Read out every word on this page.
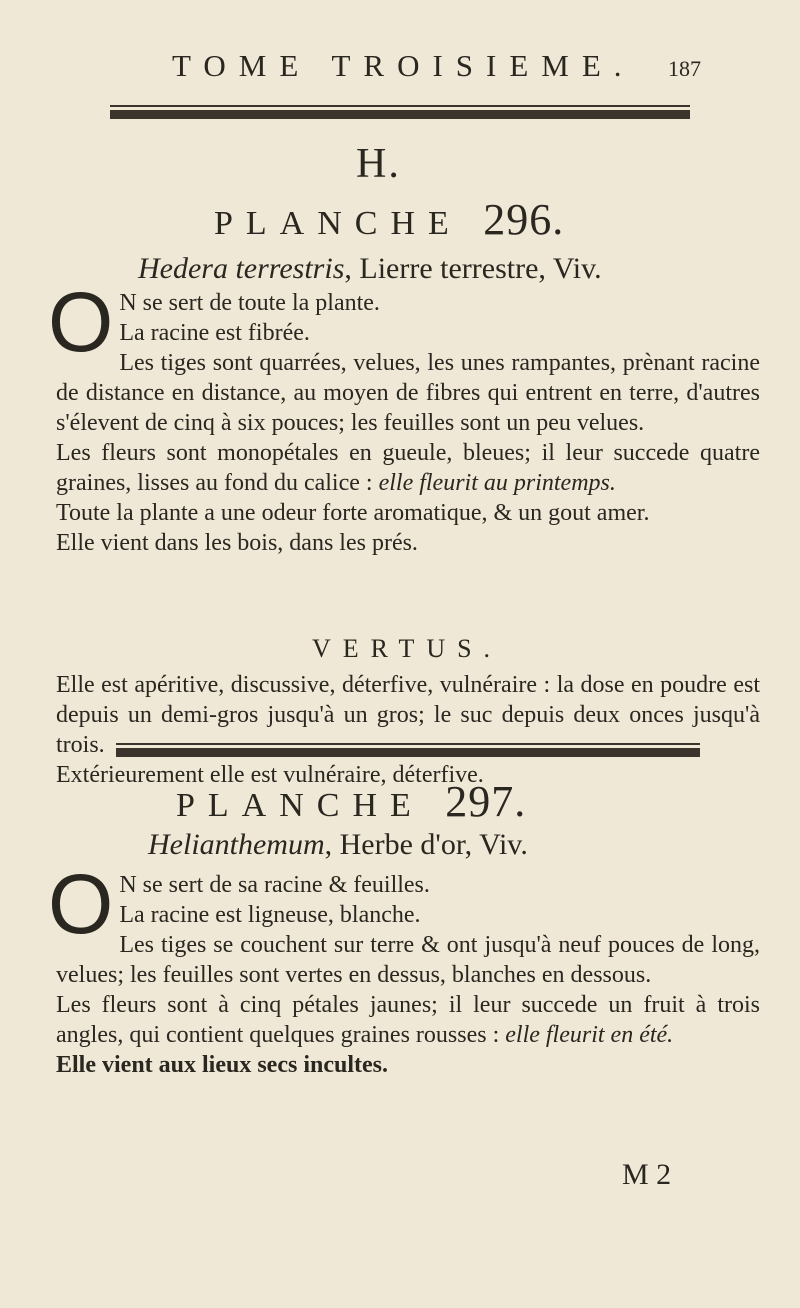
TOME TROISIEME. 187
H.
PLANCHE 296.
Hedera terrestris, Lierre terrestre, Viv.
O N se sert de toute la plante.

La racine est fibrée.

Les tiges sont quarrées, velues, les unes rampantes, prènant racine de distance en distance, au moyen de fibres qui entrent en terre, d'autres s'élevent de cinq à six pouces; les feuilles sont un peu velues.

Les fleurs sont monopétales en gueule, bleues; il leur succede quatre graines, lisses au fond du calice : elle fleurit au printemps.

Toute la plante a une odeur forte aromatique, & un gout amer.

Elle vient dans les bois, dans les prés.

VERTUS.

Elle est apéritive, discussive, déterfive, vulnéraire : la dose en poudre est depuis un demi-gros jusqu'à un gros; le suc depuis deux onces jusqu'à trois.

Extérieurement elle est vulnéraire, déterfive.

PLANCHE 297.
Helianthemum, Herbe d'or, Viv.
O N se sert de sa racine & feuilles.

La racine est ligneuse, blanche.

Les tiges se couchent sur terre & ont jusqu'à neuf pouces de long, velues; les feuilles sont vertes en dessus, blanches en dessous.

Les fleurs sont à cinq pétales jaunes; il leur succede un fruit à trois angles, qui contient quelques graines rousses : elle fleurit en été.

Elle vient aux lieux secs incultes.

M 2
